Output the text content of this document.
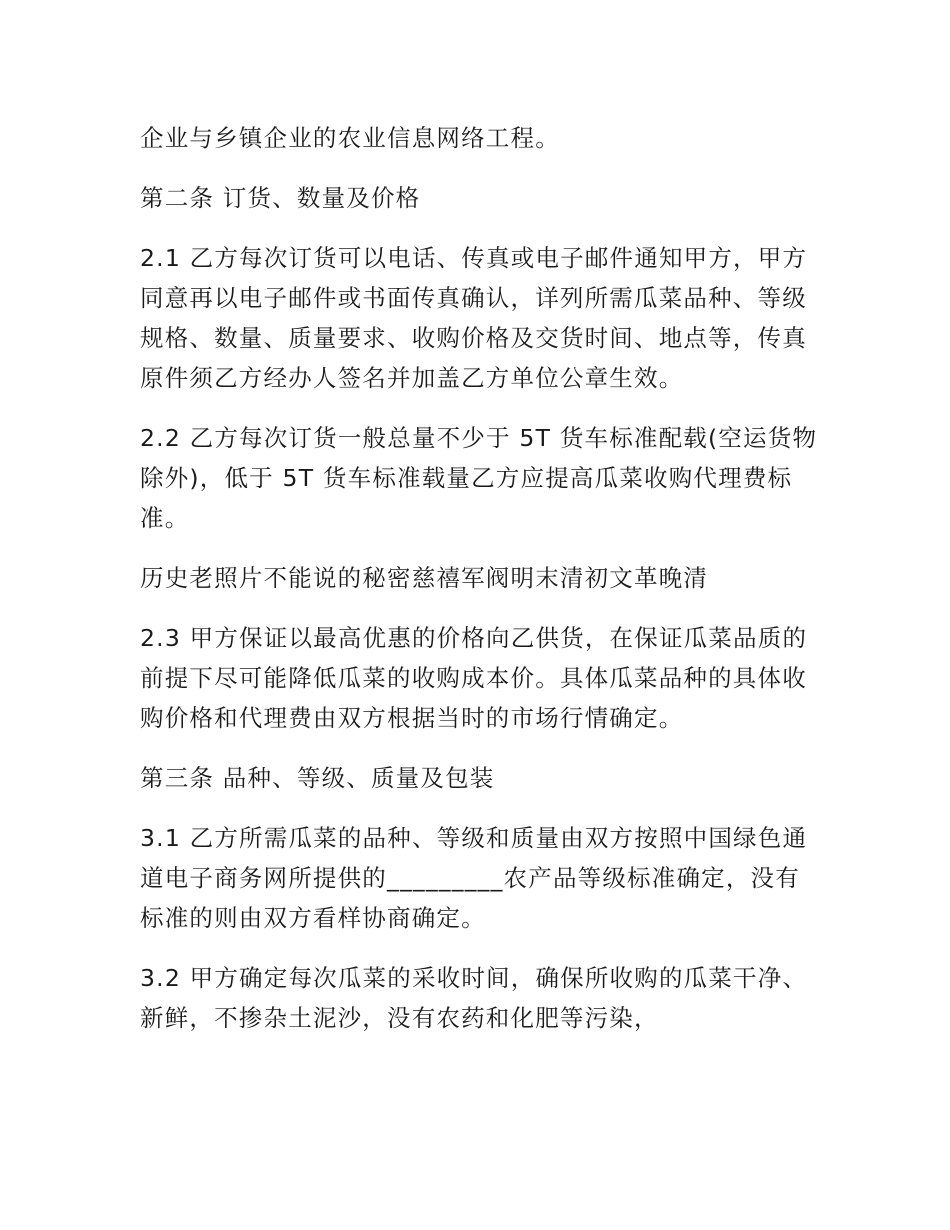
企业与乡镇企业的农业信息网络工程。

第二条 订货、数量及价格

2.1 乙方每次订货可以电话、传真或电子邮件通知甲方，甲方同意再以电子邮件或书面传真确认，详列所需瓜菜品种、等级规格、数量、质量要求、收购价格及交货时间、地点等，传真原件须乙方经办人签名并加盖乙方单位公章生效。

2.2 乙方每次订货一般总量不少于 5T 货车标准配载(空运货物除外)，低于 5T 货车标准载量乙方应提高瓜菜收购代理费标准。

历史老照片不能说的秘密慈禧军阀明末清初文革晚清

2.3 甲方保证以最高优惠的价格向乙供货，在保证瓜菜品质的前提下尽可能降低瓜菜的收购成本价。具体瓜菜品种的具体收购价格和代理费由双方根据当时的市场行情确定。

第三条 品种、等级、质量及包装

3.1 乙方所需瓜菜的品种、等级和质量由双方按照中国绿色通道电子商务网所提供的_________农产品等级标准确定，没有标准的则由双方看样协商确定。

3.2 甲方确定每次瓜菜的采收时间，确保所收购的瓜菜干净、新鲜，不掺杂土泥沙，没有农药和化肥等污染，
